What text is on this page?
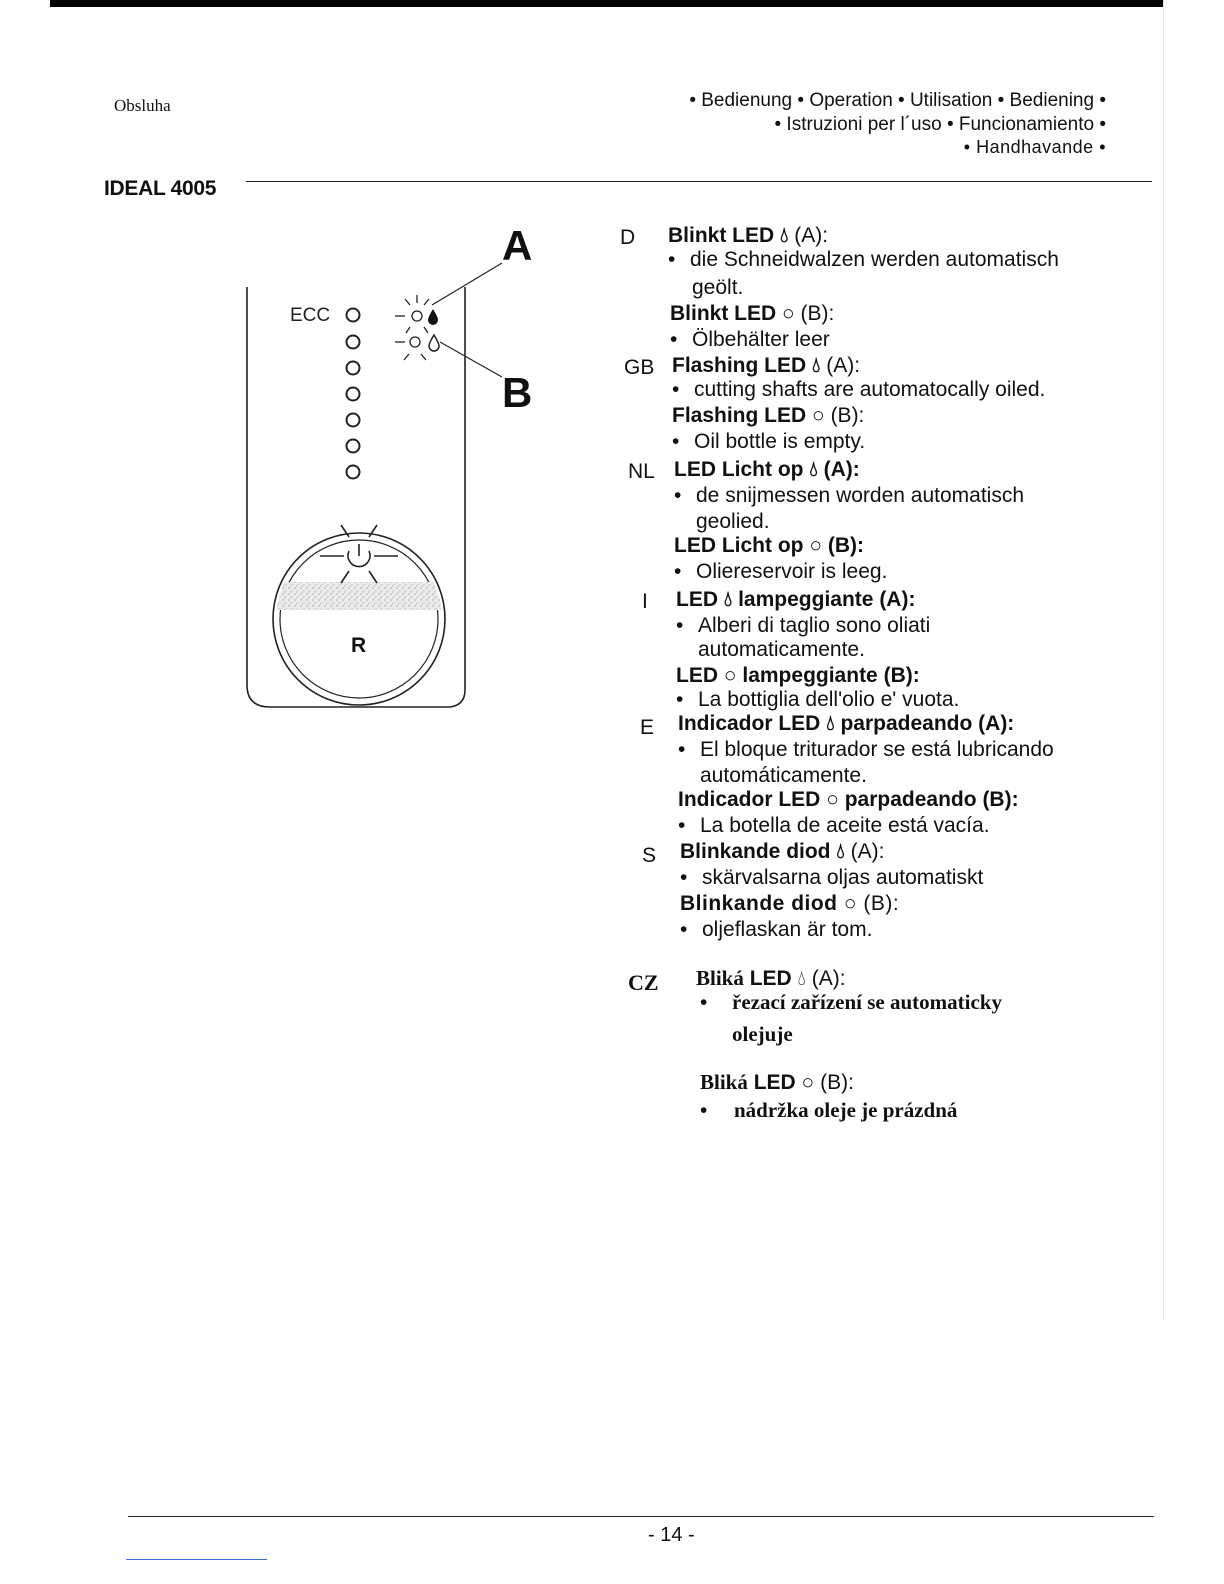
Obsluha	• Bedienung • Operation • Utilisation • Bediening •
• Istruzioni per l´uso • Funcionamiento •
• Handhavande •
IDEAL 4005
ECC
A
B
R
D	Blinkt LED 💧︎ (A):
• die Schneidwalzen werden automatisch
geölt.
Blinkt LED ○ (B):
• Ölbehälter leer
GB Flashing LED 💧︎ (A):
• cutting shafts are automatocally oiled.
Flashing LED ○ (B):
• Oil bottle is empty.
NL LED Licht op 💧︎ (A):
• de snijmessen worden automatisch
geolied.
LED Licht op ○ (B):
• Oliereservoir is leeg.
I	LED 💧︎ lampeggiante (A):
• Alberi di taglio sono oliati
automaticamente.
LED ○ lampeggiante (B):
• La bottiglia dell'olio e' vuota.
E	Indicador LED 💧︎ parpadeando (A):
• El bloque triturador se está lubricando
automáticamente.
Indicador LED ○ parpadeando (B):
• La botella de aceite está vacía.
S	Blinkande diod 💧︎ (A):
• skärvalsarna oljas automatiskt
Blinkande diod ○ (B):
• oljeflaskan är tom.
CZ	Bliká LED 💧︎ (A):
• řezací zařízení se automaticky
olejuje
Bliká LED ○ (B):
• nádržka oleje je prázdná
- 14 -
